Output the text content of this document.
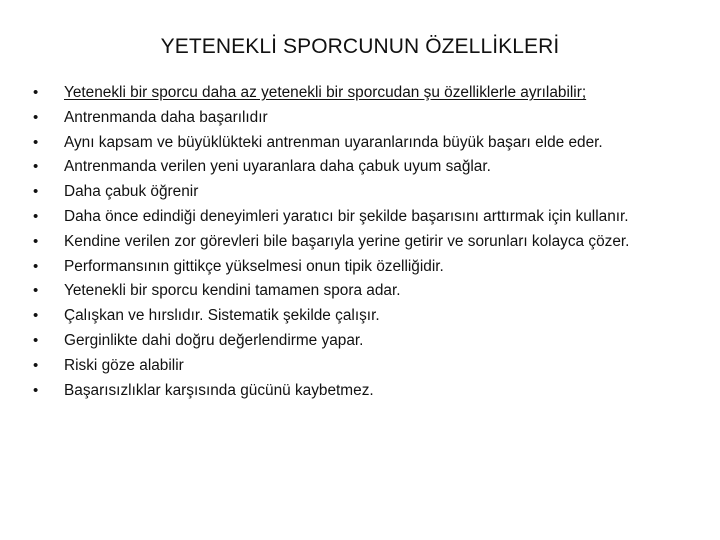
YETENEKLİ SPORCUNUN ÖZELLİKLERİ
• Yetenekli bir sporcu daha az yetenekli bir sporcudan şu özelliklerle ayrılabilir;
• Antrenmanda daha başarılıdır
• Aynı kapsam ve büyüklükteki antrenman uyaranlarında büyük başarı elde eder.
• Antrenmanda verilen yeni uyaranlara daha çabuk uyum sağlar.
• Daha çabuk öğrenir
• Daha önce edindiği deneyimleri yaratıcı bir şekilde başarısını arttırmak için kullanır.
• Kendine verilen zor görevleri bile başarıyla yerine getirir ve sorunları kolayca çözer.
• Performansının gittikçe yükselmesi onun tipik özelliğidir.
• Yetenekli bir sporcu kendini tamamen spora adar.
• Çalışkan ve hırslıdır. Sistematik şekilde çalışır.
• Gerginlikte dahi doğru değerlendirme yapar.
• Riski göze alabilir
• Başarısızlıklar karşısında gücünü kaybetmez.
